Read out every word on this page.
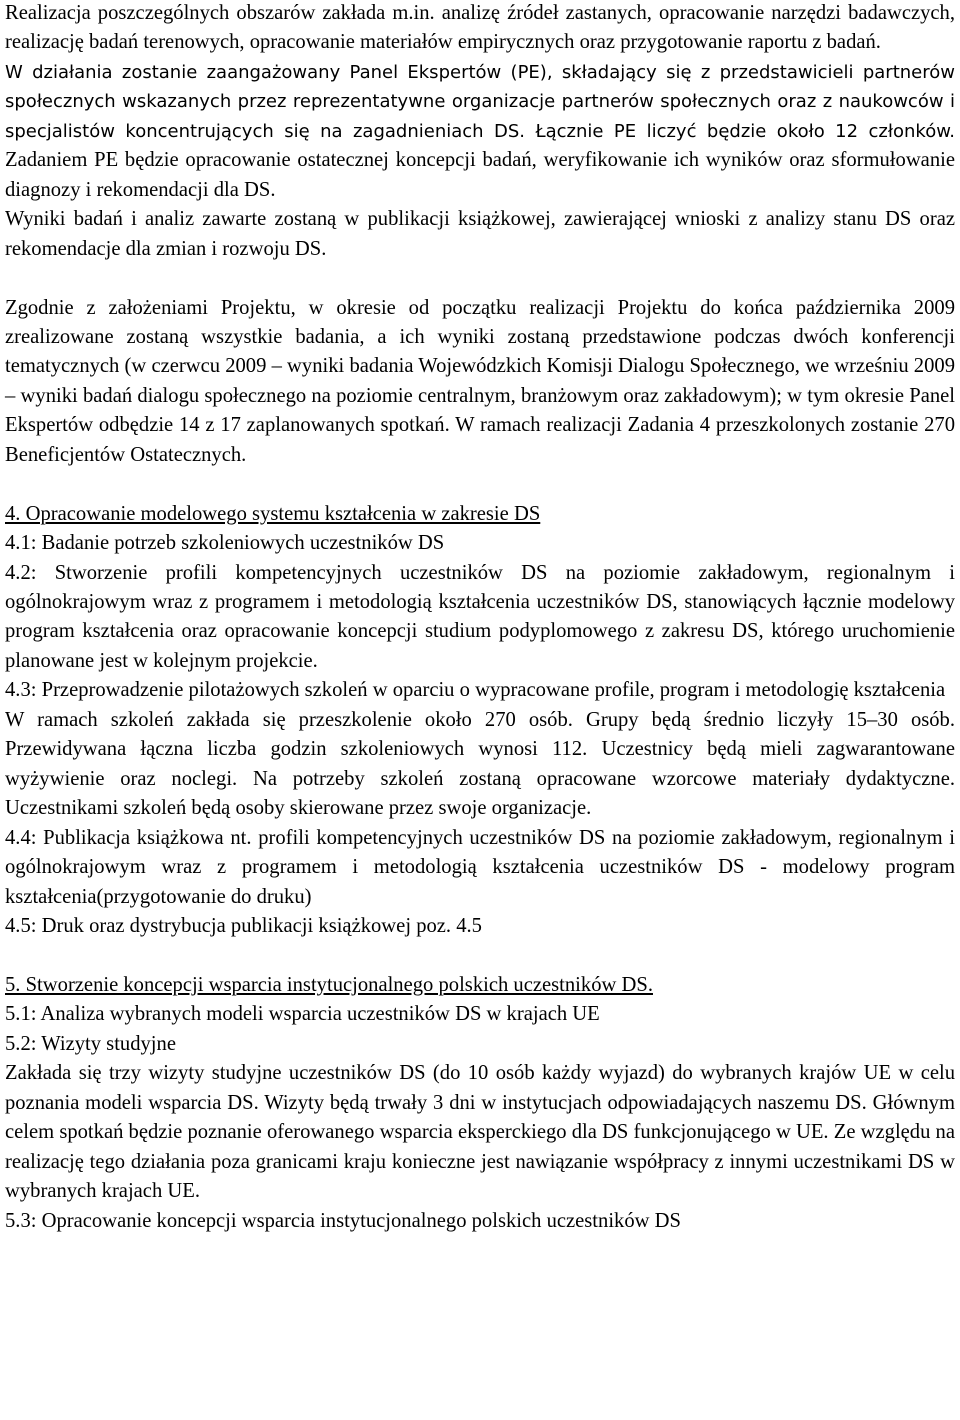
Realizacja poszczególnych obszarów zakłada m.in. analizę źródeł zastanych, opracowanie narzędzi badawczych, realizację badań terenowych, opracowanie materiałów empirycznych oraz przygotowanie raportu z badań.

W działania zostanie zaangażowany Panel Ekspertów (PE), składający się z przedstawicieli partnerów społecznych wskazanych przez reprezentatywne organizacje partnerów społecznych oraz z naukowców i specjalistów koncentrujących się na zagadnieniach DS. Łącznie PE liczyć będzie około 12 członków. Zadaniem PE będzie opracowanie ostatecznej koncepcji badań, weryfikowanie ich wyników oraz sformułowanie diagnozy i rekomendacji dla DS.

Wyniki badań i analiz zawarte zostaną w publikacji książkowej, zawierającej wnioski z analizy stanu DS oraz rekomendacje dla zmian i rozwoju DS.

Zgodnie z założeniami Projektu, w okresie od początku realizacji Projektu do końca października 2009 zrealizowane zostaną wszystkie badania, a ich wyniki zostaną przedstawione podczas dwóch konferencji tematycznych (w czerwcu 2009 – wyniki badania Wojewódzkich Komisji Dialogu Społecznego, we wrześniu 2009 – wyniki badań dialogu społecznego na poziomie centralnym, branżowym oraz zakładowym); w tym okresie Panel Ekspertów odbędzie 14 z 17 zaplanowanych spotkań. W ramach realizacji Zadania 4 przeszkolonych zostanie 270 Beneficjentów Ostatecznych.

4. Opracowanie modelowego systemu kształcenia w zakresie DS

4.1: Badanie potrzeb szkoleniowych uczestników DS

4.2: Stworzenie profili kompetencyjnych uczestników DS na poziomie zakładowym, regionalnym i ogólnokrajowym wraz z programem i metodologią kształcenia uczestników DS, stanowiących łącznie modelowy program kształcenia oraz opracowanie koncepcji studium podyplomowego z zakresu DS, którego uruchomienie planowane jest w kolejnym projekcie.

4.3: Przeprowadzenie pilotażowych szkoleń w oparciu o wypracowane profile, program i metodologię kształcenia

W ramach szkoleń zakłada się przeszkolenie około 270 osób. Grupy będą średnio liczyły 15–30 osób. Przewidywana łączna liczba godzin szkoleniowych wynosi 112. Uczestnicy będą mieli zagwarantowane wyżywienie oraz noclegi. Na potrzeby szkoleń zostaną opracowane wzorcowe materiały dydaktyczne. Uczestnikami szkoleń będą osoby skierowane przez swoje organizacje.

4.4: Publikacja książkowa nt. profili kompetencyjnych uczestników DS na poziomie zakładowym, regionalnym i ogólnokrajowym wraz z programem i metodologią kształcenia uczestników DS - modelowy program kształcenia(przygotowanie do druku)

4.5: Druk oraz dystrybucja publikacji książkowej poz. 4.5

5. Stworzenie koncepcji wsparcia instytucjonalnego polskich uczestników DS.

5.1: Analiza wybranych modeli wsparcia uczestników DS w krajach UE

5.2: Wizyty studyjne

Zakłada się trzy wizyty studyjne uczestników DS (do 10 osób każdy wyjazd) do wybranych krajów UE w celu poznania modeli wsparcia DS. Wizyty będą trwały 3 dni w instytucjach odpowiadających naszemu DS. Głównym celem spotkań będzie poznanie oferowanego wsparcia eksperckiego dla DS funkcjonującego w UE. Ze względu na realizację tego działania poza granicami kraju konieczne jest nawiązanie współpracy z innymi uczestnikami DS w wybranych krajach UE.

5.3: Opracowanie koncepcji wsparcia instytucjonalnego polskich uczestników DS
